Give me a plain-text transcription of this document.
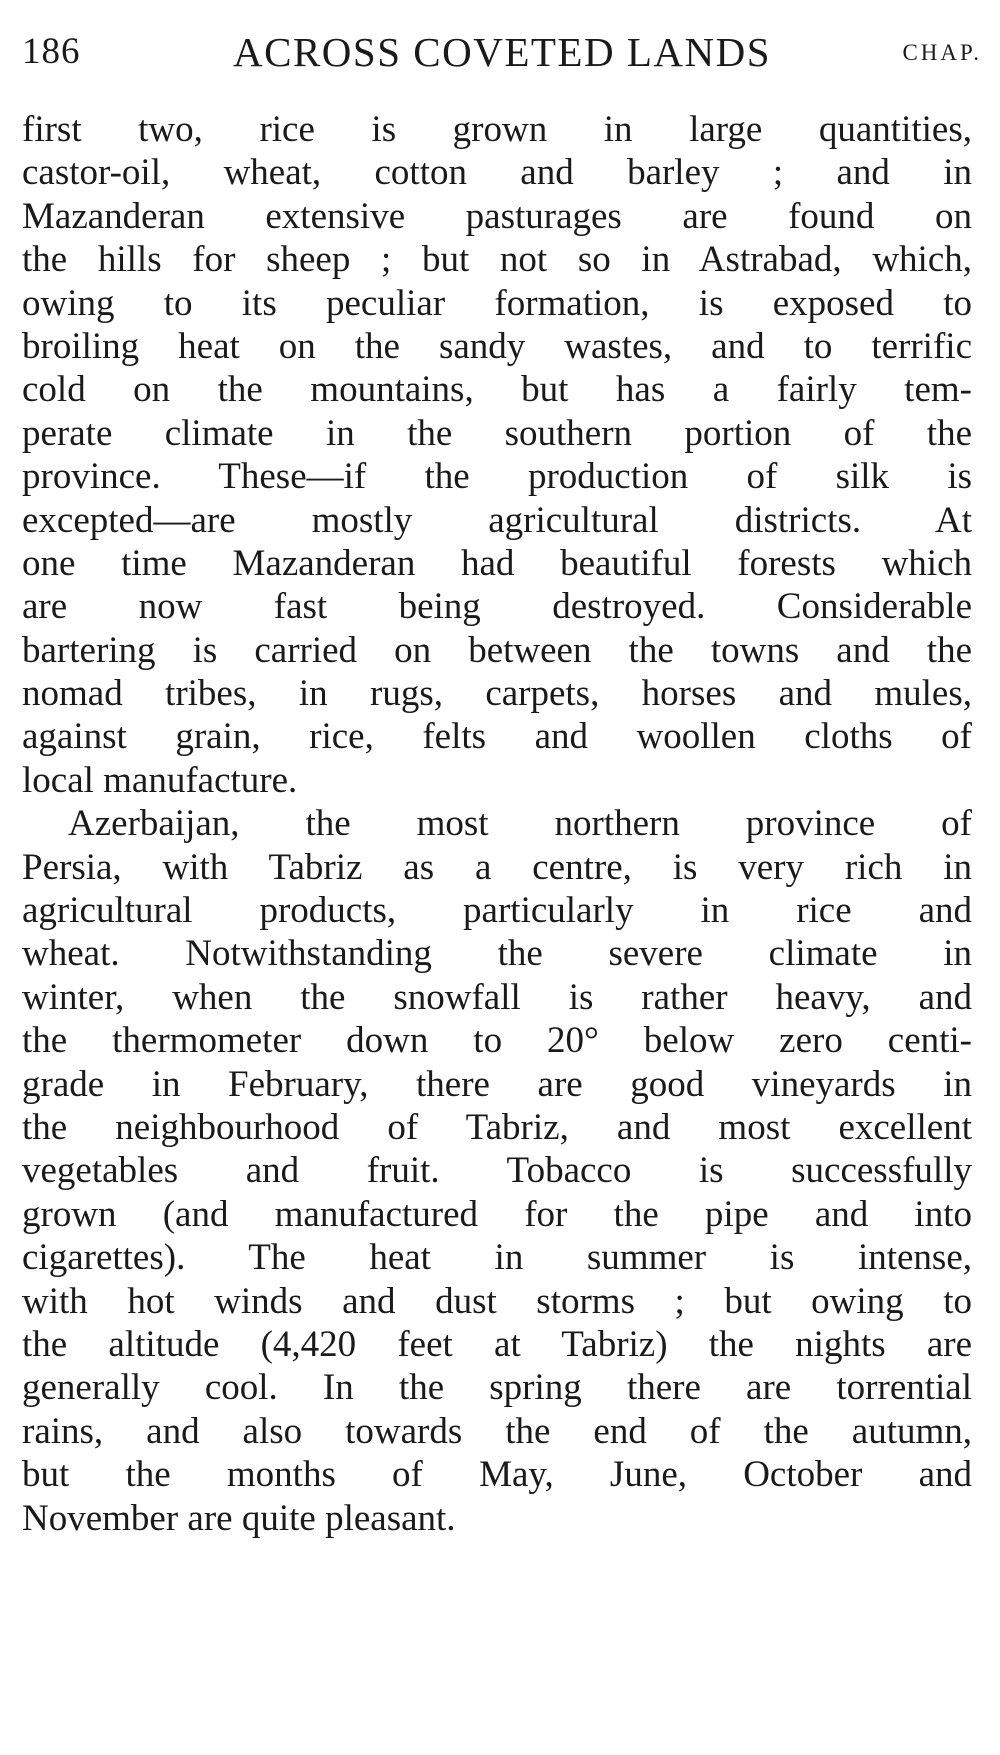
186	ACROSS COVETED LANDS	CHAP.
first two, rice is grown in large quantities,
castor-oil, wheat, cotton and barley ; and in
Mazanderan extensive pasturages are found on
the hills for sheep ; but not so in Astrabad, which,
owing to its peculiar formation, is exposed to
broiling heat on the sandy wastes, and to terrific
cold on the mountains, but has a fairly tem-
perate climate in the southern portion of the
province. These—if the production of silk is
excepted—are mostly agricultural districts. At
one time Mazanderan had beautiful forests which
are now fast being destroyed. Considerable
bartering is carried on between the towns and the
nomad tribes, in rugs, carpets, horses and mules,
against grain, rice, felts and woollen cloths of
local manufacture.
Azerbaijan, the most northern province of
Persia, with Tabriz as a centre, is very rich in
agricultural products, particularly in rice and
wheat. Notwithstanding the severe climate in
winter, when the snowfall is rather heavy, and
the thermometer down to 20° below zero centi-
grade in February, there are good vineyards in
the neighbourhood of Tabriz, and most excellent
vegetables and fruit. Tobacco is successfully
grown (and manufactured for the pipe and into
cigarettes). The heat in summer is intense,
with hot winds and dust storms ; but owing to
the altitude (4,420 feet at Tabriz) the nights are
generally cool. In the spring there are torrential
rains, and also towards the end of the autumn,
but the months of May, June, October and
November are quite pleasant.
